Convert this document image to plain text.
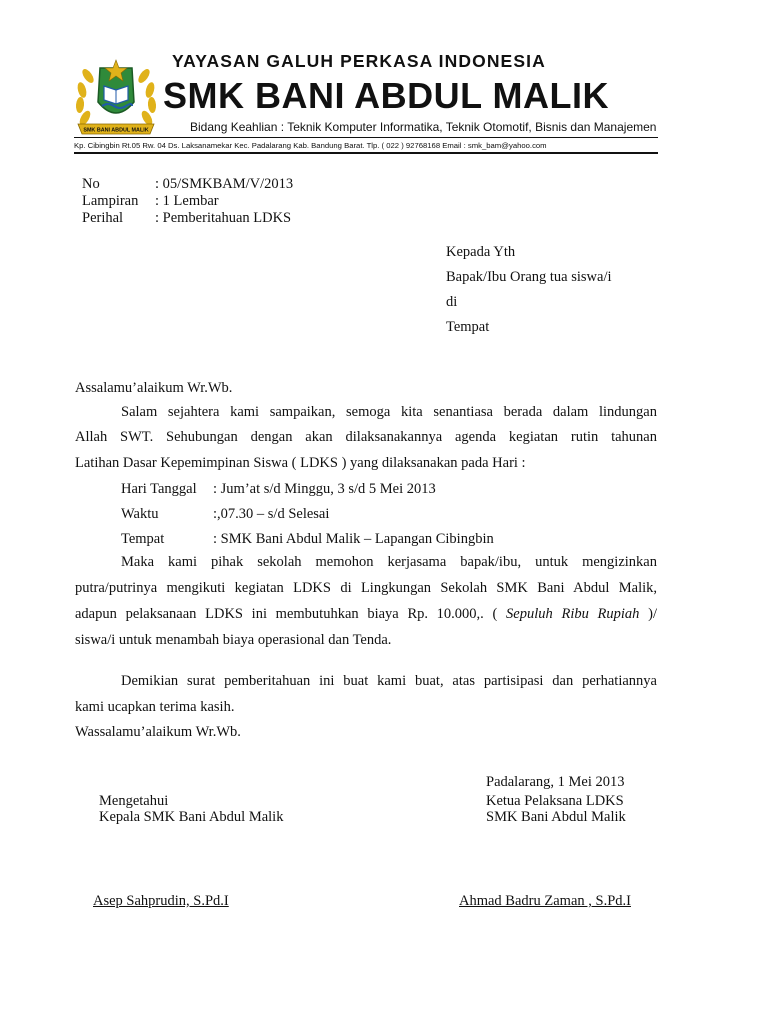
SMK BANI ABDUL MALIK
YAYASAN GALUH PERKASA INDONESIA
SMK BANI ABDUL MALIK
Bidang Keahlian : Teknik Komputer Informatika, Teknik Otomotif, Bisnis dan Manajemen
Kp. Cibingbin Rt.05 Rw. 04 Ds. Laksanamekar Kec. Padalarang Kab. Bandung Barat. Tlp. ( 022 ) 92768168 Email : smk_bam@yahoo.com
No	: 05/SMKBAM/V/2013
Lampiran : 1 Lembar
Perihal : Pemberitahuan LDKS
Kepada Yth
Bapak/Ibu Orang tua siswa/i
di
Tempat
Assalamu’alaikum Wr.Wb.
Salam sejahtera kami sampaikan, semoga kita senantiasa berada dalam lindungan
Allah SWT. Sehubungan dengan akan dilaksanakannya agenda kegiatan rutin tahunan
Latihan Dasar Kepemimpinan Siswa ( LDKS ) yang dilaksanakan pada Hari :
Hari Tanggal : Jum’at s/d Minggu, 3 s/d 5 Mei 2013
Waktu	:,07.30 – s/d Selesai
Tempat	: SMK Bani Abdul Malik – Lapangan Cibingbin
Maka kami pihak sekolah memohon kerjasama bapak/ibu, untuk mengizinkan
putra/putrinya mengikuti kegiatan LDKS di Lingkungan Sekolah SMK Bani Abdul Malik,
adapun pelaksanaan LDKS ini membutuhkan biaya Rp. 10.000,. ( Sepuluh Ribu Rupiah )/
siswa/i untuk menambah biaya operasional dan Tenda.
Demikian surat pemberitahuan ini buat kami buat, atas partisipasi dan perhatiannya
kami ucapkan terima kasih.
Wassalamu’alaikum Wr.Wb.
Padalarang, 1 Mei 2013
Mengetahui
Kepala SMK Bani Abdul Malik
Ketua Pelaksana LDKS
SMK Bani Abdul Malik
Asep Sahprudin, S.Pd.I	Ahmad Badru Zaman , S.Pd.I
